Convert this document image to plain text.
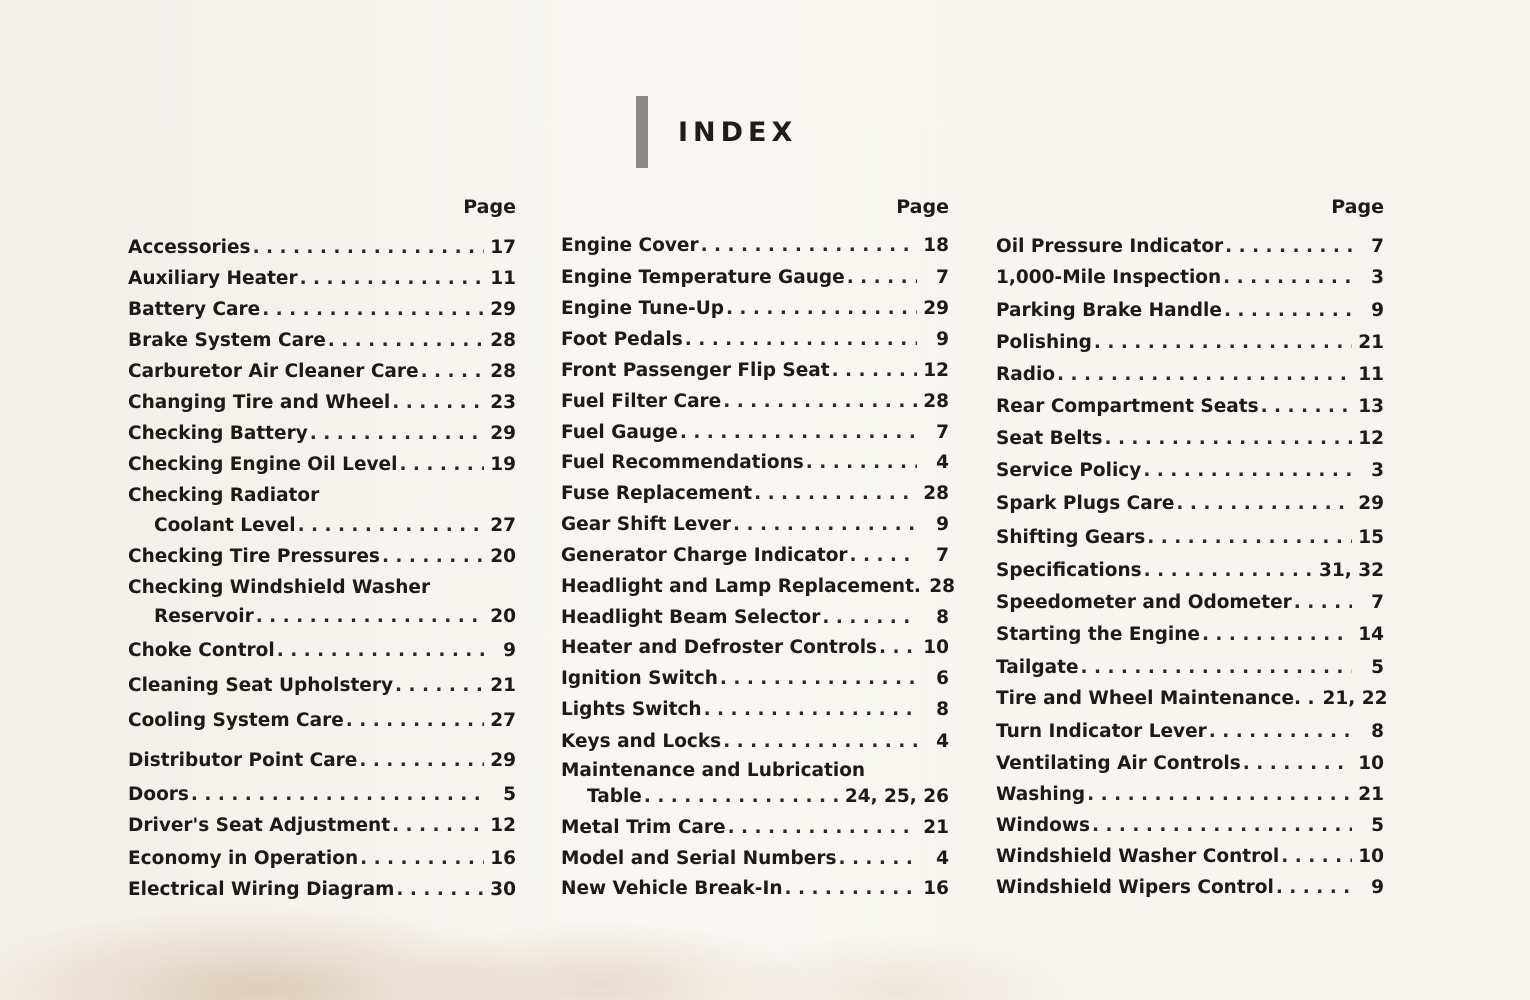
INDEX
Page
Accessories . . .	17
Auxiliary Heater . . .	11
Battery Care . . .	29
Brake System Care . . .	28
Carburetor Air Cleaner Care . . .	28
Changing Tire and Wheel . . .	23
Checking Battery . . .	29
Checking Engine Oil Level . . .	19
Checking Radiator
Coolant Level . . .	27
Checking Tire Pressures . . .	20
Checking Windshield Washer
Reservoir . . .	20
Choke Control . . .	9
Cleaning Seat Upholstery . . .	21
Cooling System Care . . .	27
Distributor Point Care . . .	29
Doors . . .	5
Driver's Seat Adjustment . . .	12
Economy in Operation . . .	16
Electrical Wiring Diagram . . .	30
Page
Engine Cover . . .	18
Engine Temperature Gauge . . .	7
Engine Tune-Up . . .	29
Foot Pedals . . .	9
Front Passenger Flip Seat . . .	12
Fuel Filter Care . . .	28
Fuel Gauge . . .	7
Fuel Recommendations . . .	4
Fuse Replacement . . .	28
Gear Shift Lever . . .	9
Generator Charge Indicator . . .	7
Headlight and Lamp Replacement. 28
Headlight Beam Selector . . .	8
Heater and Defroster Controls . . . 10
Ignition Switch . . .	6
Lights Switch . . .	8
Keys and Locks . . .	4
Maintenance and Lubrication
Table . . .	24, 25, 26
Metal Trim Care . . .	21
Model and Serial Numbers . . .	4
New Vehicle Break-In . . .	16
Page
Oil Pressure Indicator . . .	7
1,000-Mile Inspection . . .	3
Parking Brake Handle . . .	9
Polishing . . .	21
Radio . . .	11
Rear Compartment Seats . . .	13
Seat Belts . . .	12
Service Policy . . .	3
Spark Plugs Care . . .	29
Shifting Gears . . .	15
Specifications . . .	31, 32
Speedometer and Odometer . . .	7
Starting the Engine . . .	14
Tailgate . . .	5
Tire and Wheel Maintenance. . 21, 22
Turn Indicator Lever . . .	8
Ventilating Air Controls . . .	10
Washing . . .	21
Windows . . .	5
Windshield Washer Control . . .	10
Windshield Wipers Control . . .	9
